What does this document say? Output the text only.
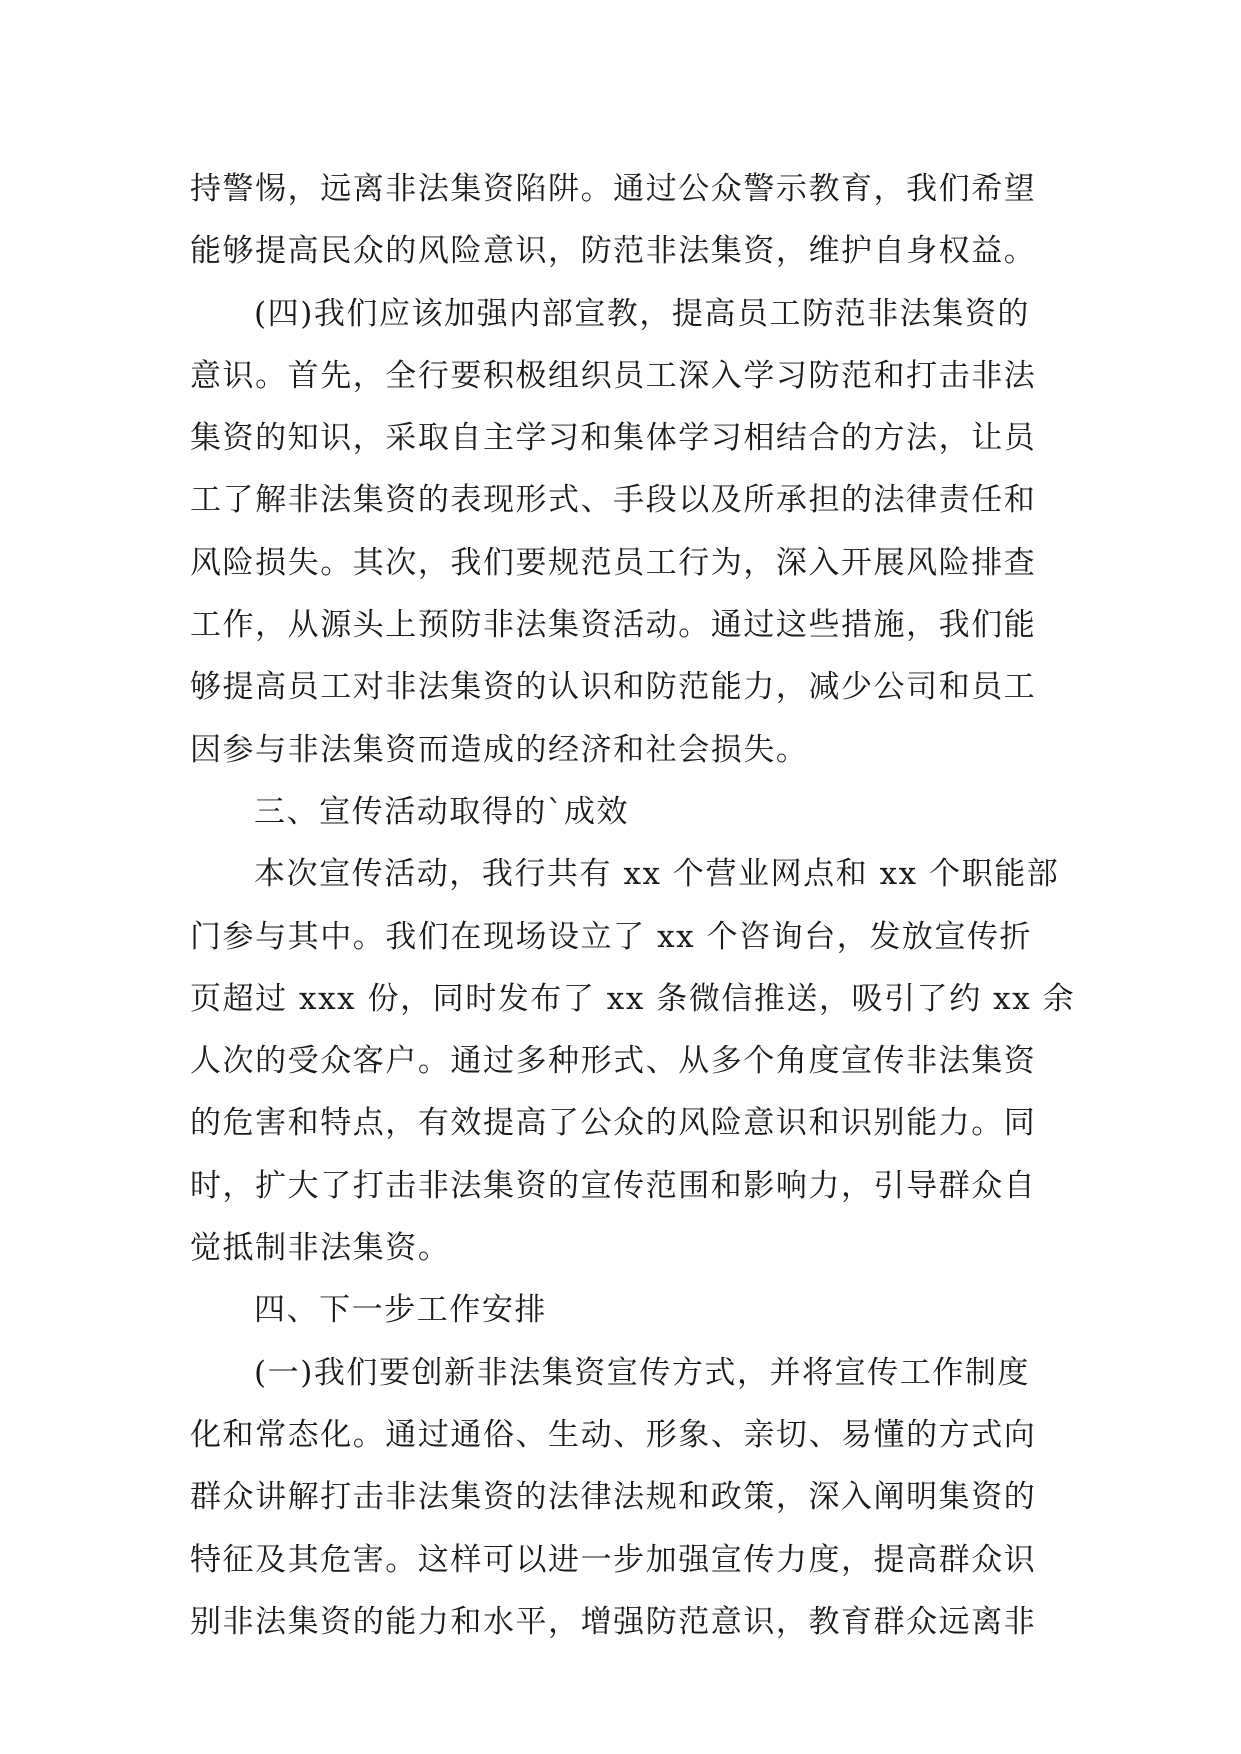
持警惕，远离非法集资陷阱。通过公众警示教育，我们希望
能够提高民众的风险意识，防范非法集资，维护自身权益。
(四)我们应该加强内部宣教，提高员工防范非法集资的
意识。首先，全行要积极组织员工深入学习防范和打击非法
集资的知识，采取自主学习和集体学习相结合的方法，让员
工了解非法集资的表现形式、手段以及所承担的法律责任和
风险损失。其次，我们要规范员工行为，深入开展风险排查
工作，从源头上预防非法集资活动。通过这些措施，我们能
够提高员工对非法集资的认识和防范能力，减少公司和员工
因参与非法集资而造成的经济和社会损失。
三、宣传活动取得的`成效
本次宣传活动，我行共有 xx 个营业网点和 xx 个职能部
门参与其中。我们在现场设立了 xx 个咨询台，发放宣传折
页超过 xxx 份，同时发布了 xx 条微信推送，吸引了约 xx 余
人次的受众客户。通过多种形式、从多个角度宣传非法集资
的危害和特点，有效提高了公众的风险意识和识别能力。同
时，扩大了打击非法集资的宣传范围和影响力，引导群众自
觉抵制非法集资。
四、下一步工作安排
(一)我们要创新非法集资宣传方式，并将宣传工作制度
化和常态化。通过通俗、生动、形象、亲切、易懂的方式向
群众讲解打击非法集资的法律法规和政策，深入阐明集资的
特征及其危害。这样可以进一步加强宣传力度，提高群众识
别非法集资的能力和水平，增强防范意识，教育群众远离非
